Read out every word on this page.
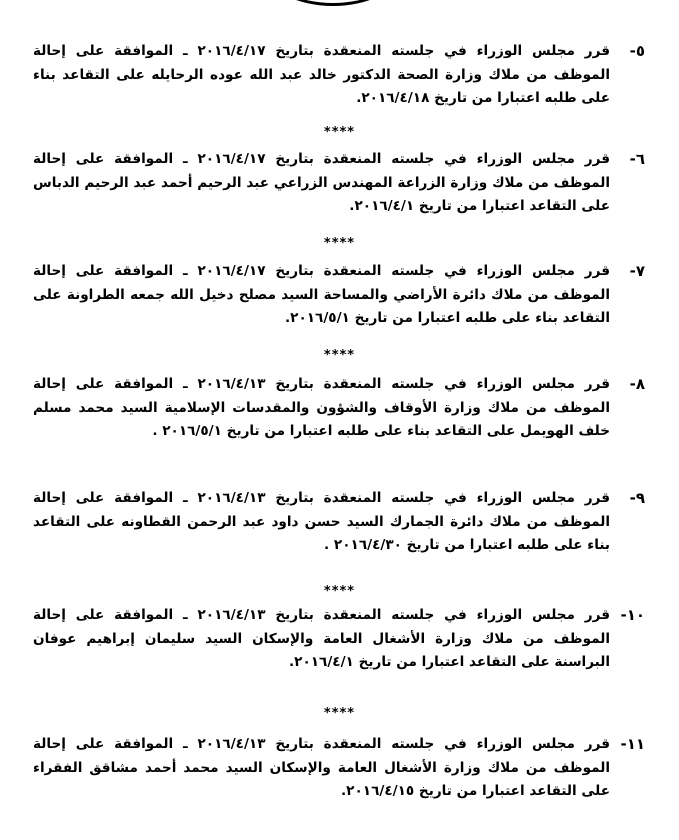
٥-
قرر مجلس الوزراء في جلسته المنعقدة بتاريخ ٢٠١٦/٤/١٧ ـ الموافقة على إحالة الموظف من ملاك وزارة الصحة الدكتور خالد عبد الله عوده الرحايله على التقاعد بناء على طلبه اعتبارا من تاريخ ٢٠١٦/٤/١٨.
****
٦-
قرر مجلس الوزراء في جلسته المنعقدة بتاريخ ٢٠١٦/٤/١٧ ـ الموافقة على إحالة الموظف من ملاك وزارة الزراعة المهندس الزراعي عبد الرحيم أحمد عبد الرحيم الدباس على التقاعد اعتبارا من تاريخ ٢٠١٦/٤/١.
****
٧-
قرر مجلس الوزراء في جلسته المنعقدة بتاريخ ٢٠١٦/٤/١٧ ـ الموافقة على إحالة الموظف من ملاك دائرة الأراضي والمساحة السيد مصلح دخيل الله جمعه الطراونة على التقاعد بناء على طلبه اعتبارا من تاريخ ٢٠١٦/٥/١.
****
٨-
قرر مجلس الوزراء في جلسته المنعقدة بتاريخ ٢٠١٦/٤/١٣ ـ الموافقة على إحالة الموظف من ملاك وزارة الأوقاف والشؤون والمقدسات الإسلامية السيد محمد مسلم خلف الهويمل على التقاعد بناء على طلبه اعتبارا من تاريخ ٢٠١٦/٥/١ .
٩-
قرر مجلس الوزراء في جلسته المنعقدة بتاريخ ٢٠١٦/٤/١٣ ـ الموافقة على إحالة الموظف من ملاك دائرة الجمارك السيد حسن داود عبد الرحمن القطاونه على التقاعد بناء على طلبه اعتبارا من تاريخ ٢٠١٦/٤/٣٠ .
****
١٠-
قرر مجلس الوزراء في جلسته المنعقدة بتاريخ ٢٠١٦/٤/١٣ ـ الموافقة على إحالة الموظف من ملاك وزارة الأشغال العامة والإسكان السيد سليمان إبراهيم عوفان البراسنة على التقاعد اعتبارا من تاريخ ٢٠١٦/٤/١.
****
١١-
قرر مجلس الوزراء في جلسته المنعقدة بتاريخ ٢٠١٦/٤/١٣ ـ الموافقة على إحالة الموظف من ملاك وزارة الأشغال العامة والإسكان السيد محمد أحمد مشاقق الفقراء على التقاعد اعتبارا من تاريخ ٢٠١٦/٤/١٥.
